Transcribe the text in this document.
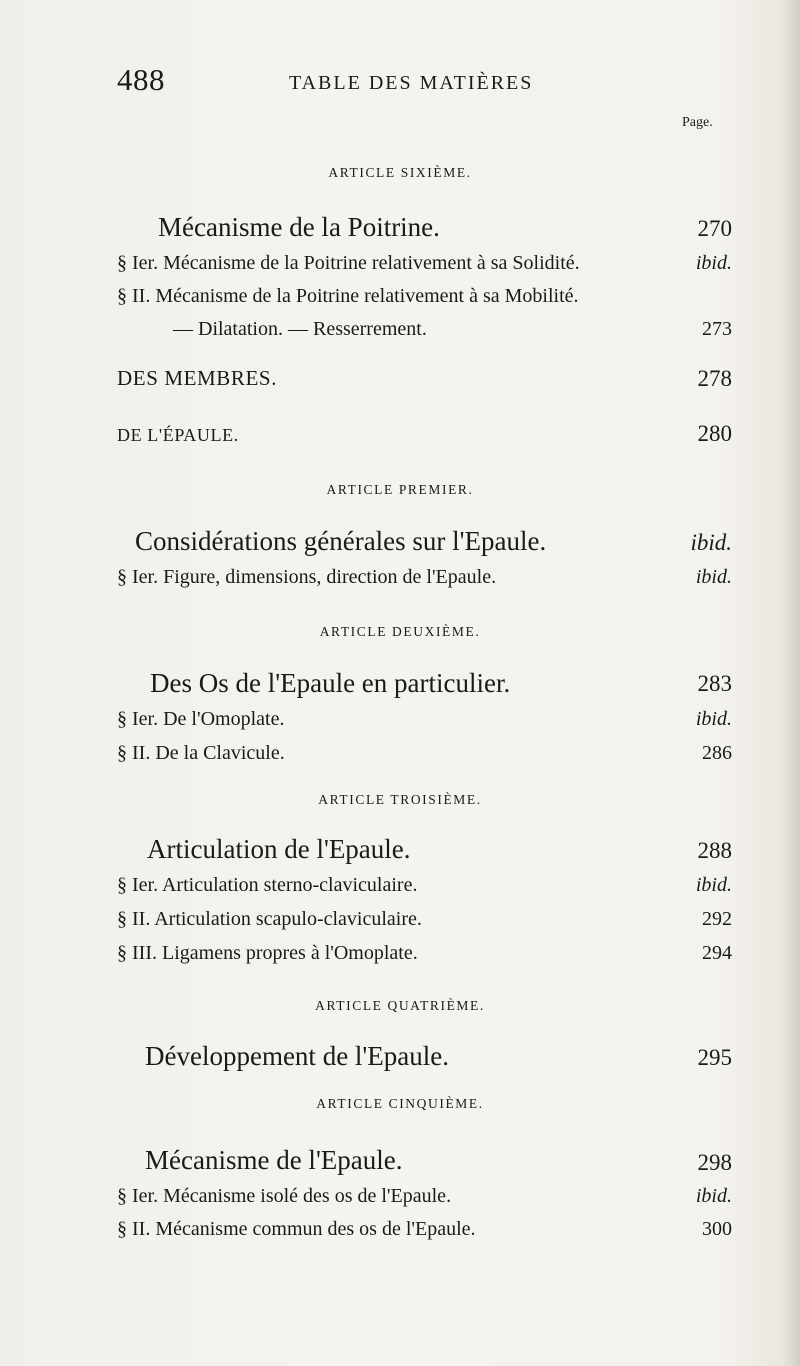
488	TABLE DES MATIÈRES
Page.
ARTICLE SIXIÈME.
Mécanisme de la Poitrine.	270
§ Ier. Mécanisme de la Poitrine relativement à sa Solidité.	ibid.
§ II. Mécanisme de la Poitrine relativement à sa Mobilité.
— Dilatation. — Resserrement.	273
DES MEMBRES.	278
DE L'ÉPAULE.	280
ARTICLE PREMIER.
Considérations générales sur l'Epaule.	ibid.
§ Ier. Figure, dimensions, direction de l'Epaule.	ibid.
ARTICLE DEUXIÈME.
Des Os de l'Epaule en particulier.	283
§ Ier. De l'Omoplate.	ibid.
§ II. De la Clavicule.	286
ARTICLE TROISIÈME.
Articulation de l'Epaule.	288
§ Ier. Articulation sterno-claviculaire.	ibid.
§ II. Articulation scapulo-claviculaire.	292
§ III. Ligamens propres à l'Omoplate.	294
ARTICLE QUATRIÈME.
Développement de l'Epaule.	295
ARTICLE CINQUIÈME.
Mécanisme de l'Epaule.	298
§ Ier. Mécanisme isolé des os de l'Epaule.	ibid.
§ II. Mécanisme commun des os de l'Epaule.	300
